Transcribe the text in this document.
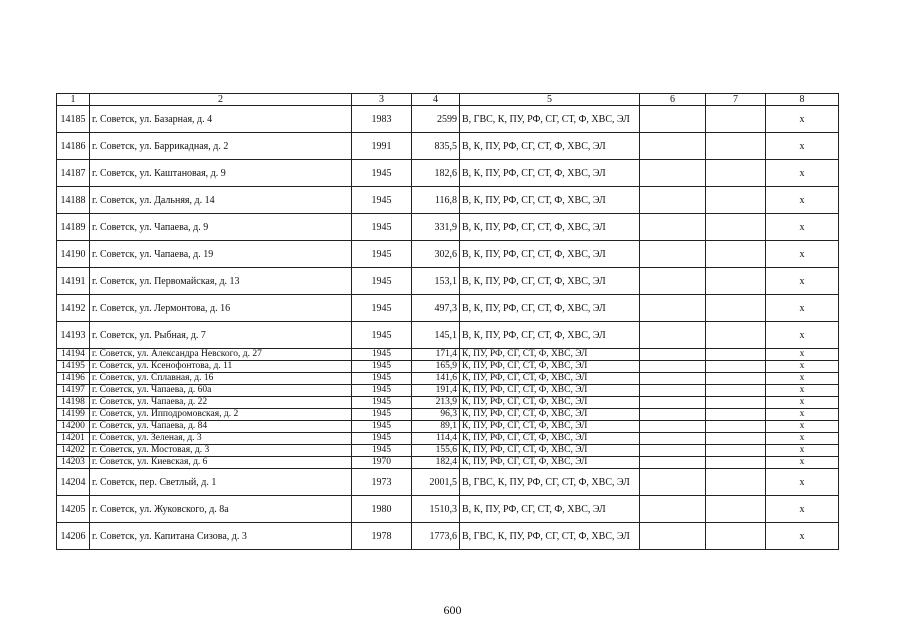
1	2	3	4	5	6	7	8
14185	г. Советск, ул. Базарная, д. 4	1983	2599	В, ГВС, К, ПУ, РФ, СГ, СТ, Ф, ХВС, ЭЛ			х
14186	г. Советск, ул. Баррикадная, д. 2	1991	835,5	В, К, ПУ, РФ, СГ, СТ, Ф, ХВС, ЭЛ			х
14187	г. Советск, ул. Каштановая, д. 9	1945	182,6	В, К, ПУ, РФ, СГ, СТ, Ф, ХВС, ЭЛ			х
14188	г. Советск, ул. Дальняя, д. 14	1945	116,8	В, К, ПУ, РФ, СГ, СТ, Ф, ХВС, ЭЛ			х
14189	г. Советск, ул. Чапаева, д. 9	1945	331,9	В, К, ПУ, РФ, СГ, СТ, Ф, ХВС, ЭЛ			х
14190	г. Советск, ул. Чапаева, д. 19	1945	302,6	В, К, ПУ, РФ, СГ, СТ, Ф, ХВС, ЭЛ			х
14191	г. Советск, ул. Первомайская, д. 13	1945	153,1	В, К, ПУ, РФ, СГ, СТ, Ф, ХВС, ЭЛ			х
14192	г. Советск, ул. Лермонтова, д. 16	1945	497,3	В, К, ПУ, РФ, СГ, СТ, Ф, ХВС, ЭЛ			х
14193	г. Советск, ул. Рыбная, д. 7	1945	145,1	В, К, ПУ, РФ, СГ, СТ, Ф, ХВС, ЭЛ			х
14194	г. Советск, ул. Александра Невского, д. 27	1945	171,4	К, ПУ, РФ, СГ, СТ, Ф, ХВС, ЭЛ			х
14195	г. Советск, ул. Ксенофонтова, д. 11	1945	165,9	К, ПУ, РФ, СГ, СТ, Ф, ХВС, ЭЛ			х
14196	г. Советск, ул. Сплавная, д. 16	1945	141,6	К, ПУ, РФ, СГ, СТ, Ф, ХВС, ЭЛ			х
14197	г. Советск, ул. Чапаева, д. 60а	1945	191,4	К, ПУ, РФ, СГ, СТ, Ф, ХВС, ЭЛ			х
14198	г. Советск, ул. Чапаева, д. 22	1945	213,9	К, ПУ, РФ, СГ, СТ, Ф, ХВС, ЭЛ			х
14199	г. Советск, ул. Ипподромовская, д. 2	1945	96,3	К, ПУ, РФ, СГ, СТ, Ф, ХВС, ЭЛ			х
14200	г. Советск, ул. Чапаева, д. 84	1945	89,1	К, ПУ, РФ, СГ, СТ, Ф, ХВС, ЭЛ			х
14201	г. Советск, ул. Зеленая, д. 3	1945	114,4	К, ПУ, РФ, СГ, СТ, Ф, ХВС, ЭЛ			х
14202	г. Советск, ул. Мостовая, д. 3	1945	155,6	К, ПУ, РФ, СГ, СТ, Ф, ХВС, ЭЛ			х
14203	г. Советск, ул. Киевская, д. 6	1970	182,4	К, ПУ, РФ, СГ, СТ, Ф, ХВС, ЭЛ			х
14204	г. Советск, пер. Светлый, д. 1	1973	2001,5	В, ГВС, К, ПУ, РФ, СГ, СТ, Ф, ХВС, ЭЛ			х
14205	г. Советск, ул. Жуковского, д. 8а	1980	1510,3	В, К, ПУ, РФ, СГ, СТ, Ф, ХВС, ЭЛ			х
14206	г. Советск, ул. Капитана Сизова, д. 3	1978	1773,6	В, ГВС, К, ПУ, РФ, СГ, СТ, Ф, ХВС, ЭЛ			х
600
